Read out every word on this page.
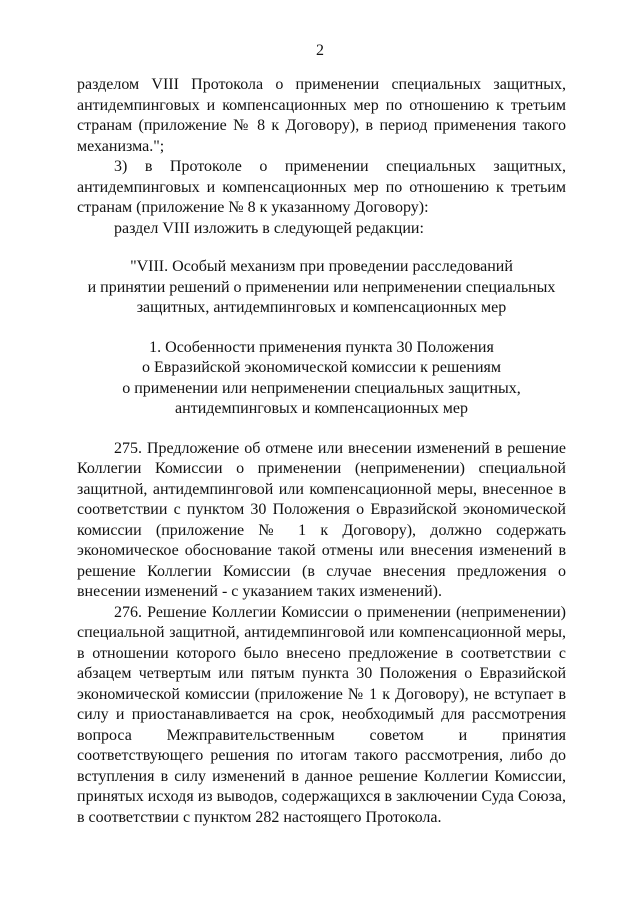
2

разделом VIII Протокола о применении специальных защитных, антидемпинговых и компенсационных мер по отношению к третьим странам (приложение № 8 к Договору), в период применения такого механизма.";

3) в Протоколе о применении специальных защитных, антидемпинговых и компенсационных мер по отношению к третьим странам (приложение № 8 к указанному Договору):

раздел VIII изложить в следующей редакции:

"VIII. Особый механизм при проведении расследований
и принятии решений о применении или неприменении специальных
защитных, антидемпинговых и компенсационных мер
1. Особенности применения пункта 30 Положения
о Евразийской экономической комиссии к решениям
о применении или неприменении специальных защитных,
антидемпинговых и компенсационных мер

275. Предложение об отмене или внесении изменений в решение Коллегии Комиссии о применении (неприменении) специальной защитной, антидемпинговой или компенсационной меры, внесенное в соответствии с пунктом 30 Положения о Евразийской экономической комиссии (приложение № 1 к Договору), должно содержать экономическое обоснование такой отмены или внесения изменений в решение Коллегии Комиссии (в случае внесения предложения о внесении изменений - с указанием таких изменений).

276. Решение Коллегии Комиссии о применении (неприменении) специальной защитной, антидемпинговой или компенсационной меры, в отношении которого было внесено предложение в соответствии с абзацем четвертым или пятым пункта 30 Положения о Евразийской экономической комиссии (приложение № 1 к Договору), не вступает в силу и приостанавливается на срок, необходимый для рассмотрения вопроса Межправительственным советом и принятия соответствующего решения по итогам такого рассмотрения, либо до вступления в силу изменений в данное решение Коллегии Комиссии, принятых исходя из выводов, содержащихся в заключении Суда Союза, в соответствии с пунктом 282 настоящего Протокола.
